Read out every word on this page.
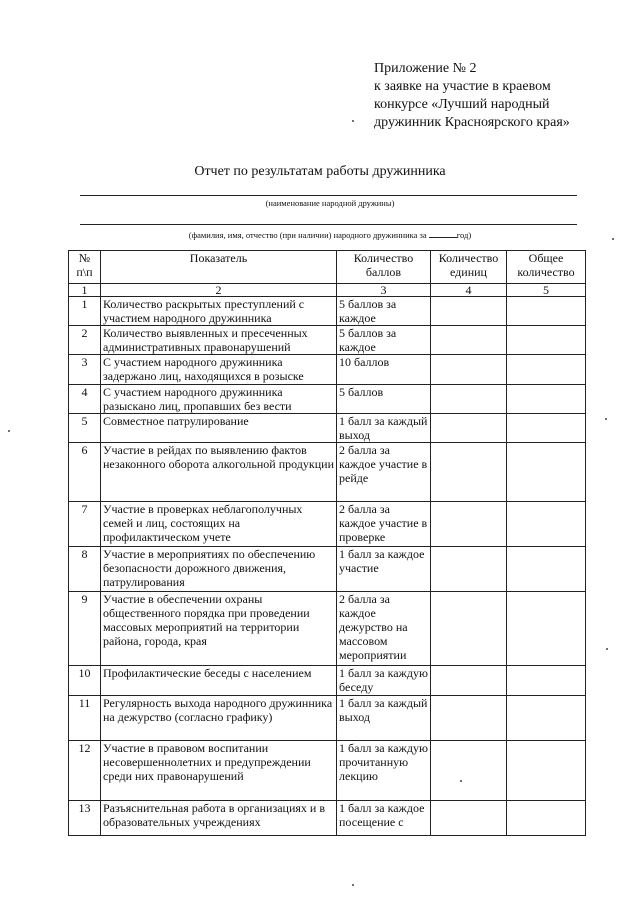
Приложение № 2
к заявке на участие в краевом
конкурсе «Лучший народный
дружинник Красноярского края»
Отчет по результатам работы дружинника
(наименование народной дружины)
(фамилия, имя, отчество (при наличии) народного дружинника за	год)
№ п\п	Показатель	Количество баллов	Количество единиц	Общее количество
1	2	3	4	5
1	Количество раскрытых преступлений с участием народного дружинника	5 баллов за каждое		
2	Количество выявленных и пресеченных административных правонарушений	5 баллов за каждое		
3	С участием народного дружинника задержано лиц, находящихся в розыске	10 баллов		
4	С участием народного дружинника разыскано лиц, пропавших без вести	5 баллов		
5	Совместное патрулирование	1 балл за каждый выход		
6	Участие в рейдах по выявлению фактов незаконного оборота алкогольной продукции	2 балла за каждое участие в рейде		
7	Участие в проверках неблагополучных семей и лиц, состоящих на профилактическом учете	2 балла за каждое участие в проверке		
8	Участие в мероприятиях по обеспечению безопасности дорожного движения, патрулирования	1 балл за каждое участие		
9	Участие в обеспечении охраны общественного порядка при проведении массовых мероприятий на территории района, города, края	2 балла за каждое дежурство на массовом мероприятии		
10	Профилактические беседы с населением	1 балл за каждую беседу		
11	Регулярность выхода народного дружинника на дежурство (согласно графику)	1 балл за каждый выход		
12	Участие в правовом воспитании несовершеннолетних и предупреждении среди них правонарушений	1 балл за каждую прочитанную лекцию		
13	Разъяснительная работа в организациях и в образовательных учреждениях	1 балл за каждое посещение с		
